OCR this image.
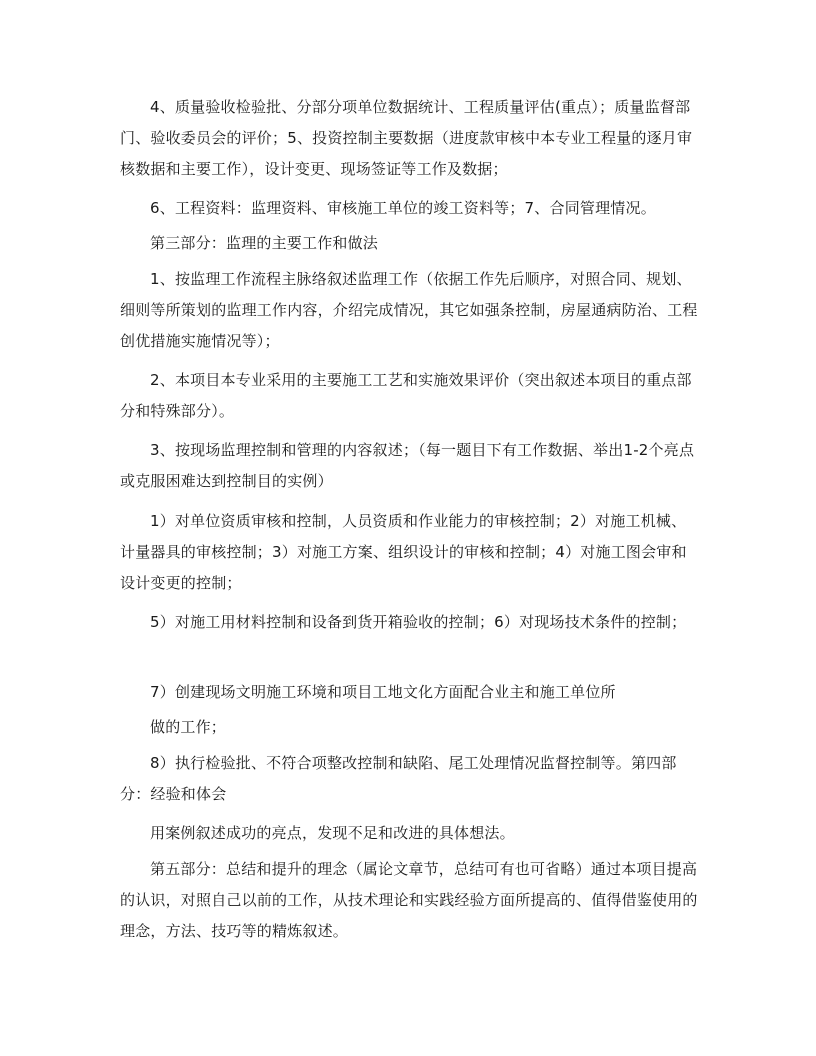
4、质量验收检验批、分部分项单位数据统计、工程质量评估(重点）；质量监督部门、验收委员会的评价；5、投资控制主要数据（进度款审核中本专业工程量的逐月审核数据和主要工作），设计变更、现场签证等工作及数据；

6、工程资料：监理资料、审核施工单位的竣工资料等；7、合同管理情况。

第三部分：监理的主要工作和做法

1、按监理工作流程主脉络叙述监理工作（依据工作先后顺序，对照合同、规划、细则等所策划的监理工作内容，介绍完成情况，其它如强条控制，房屋通病防治、工程创优措施实施情况等）；

2、本项目本专业采用的主要施工工艺和实施效果评价（突出叙述本项目的重点部分和特殊部分）。

3、按现场监理控制和管理的内容叙述；（每一题目下有工作数据、举出1-2个亮点或克服困难达到控制目的实例）

1）对单位资质审核和控制，人员资质和作业能力的审核控制；2）对施工机械、计量器具的审核控制；3）对施工方案、组织设计的审核和控制；4）对施工图会审和设计变更的控制；

5）对施工用材料控制和设备到货开箱验收的控制；6）对现场技术条件的控制；

7）创建现场文明施工环境和项目工地文化方面配合业主和施工单位所

做的工作；

8）执行检验批、不符合项整改控制和缺陷、尾工处理情况监督控制等。第四部分：经验和体会

用案例叙述成功的亮点，发现不足和改进的具体想法。

第五部分：总结和提升的理念（属论文章节，总结可有也可省略）通过本项目提高的认识，对照自己以前的工作，从技术理论和实践经验方面所提高的、值得借鉴使用的理念，方法、技巧等的精炼叙述。
